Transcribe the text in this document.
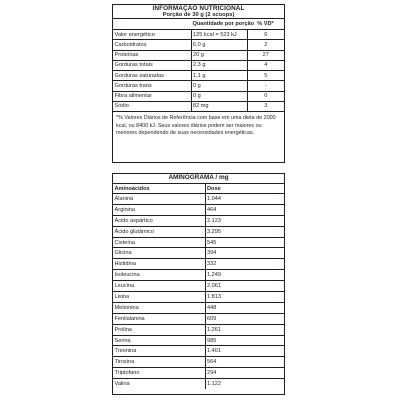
INFORMAÇÃO NUTRICIONAL
Porção de 30 g (2 scoops)
	Quantidade por porção	% VD*
Valor energético	125 kcal = 523 kJ	6
Carboidratos	6,0 g	2
Proteínas	20 g	27
Gorduras totais	2,3 g	4
Gorduras saturadas	1,1 g	5
Gorduras trans	0 g	-
Fibra alimentar	0 g	0
Sódio	82 mg	3
*% Valores Diários de Referência com base em uma dieta de 2000 kcal, ou 8400 kJ. Seus valores diários podem ser maiores ou menores dependendo de suas necessidades energéticas.
AMINOGRAMA / mg
Aminoácidos	Dose
Alanina	1.044
Arginina	464
Ácido aspártico	2.123
Ácido glutâmico	3.295
Cisteína	545
Glicina	394
Histidina	332
Isoleucina	1.249
Leucina	2.061
Lisina	1.813
Metionina	448
Fenilalanina	609
Prolina	1.261
Serina	985
Treonina	1.401
Tirosina	564
Triptofano	294
Valina	1.122
